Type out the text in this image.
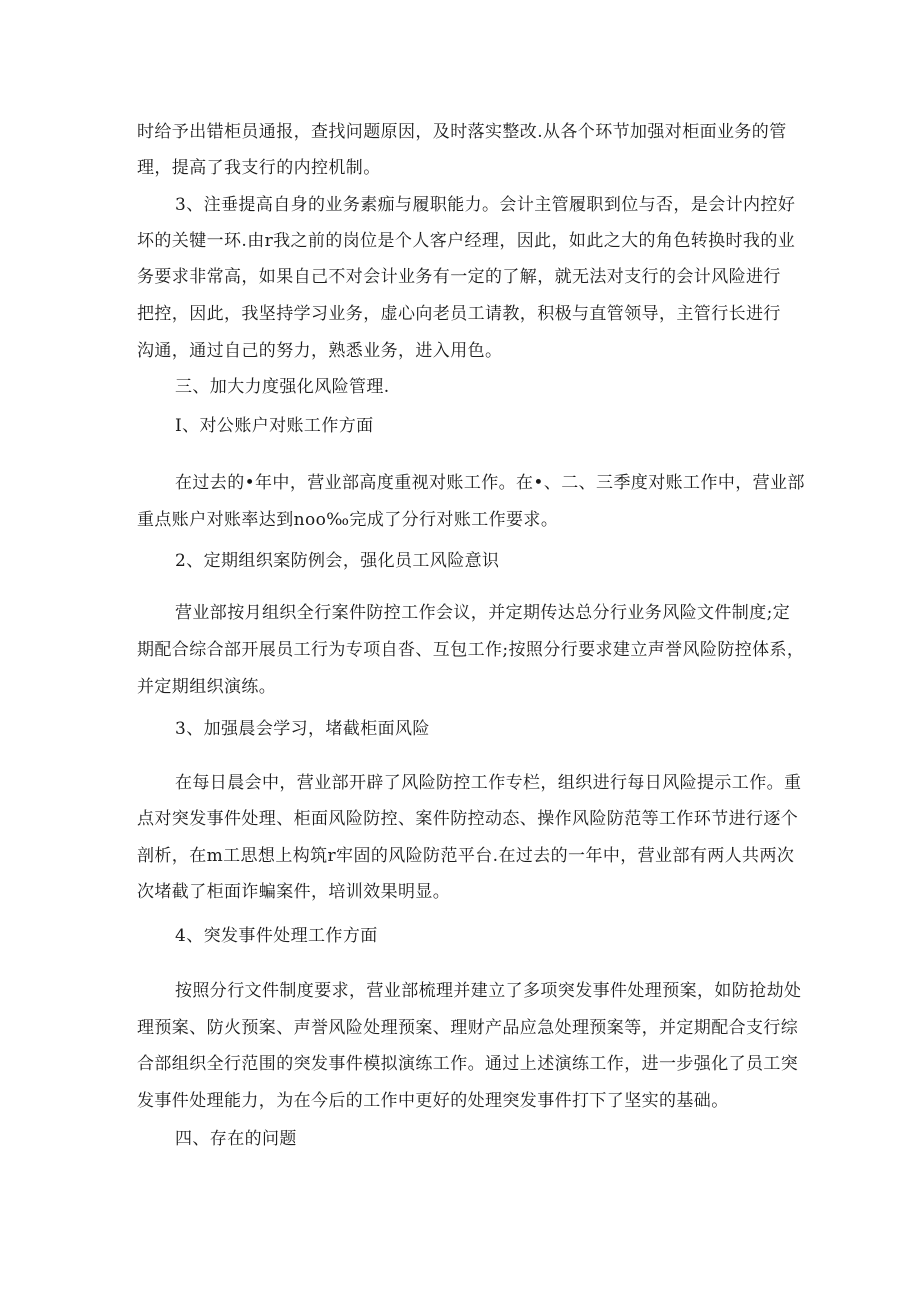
时给予出错柜员通报，查找问题原因，及时落实整改.从各个环节加强对柜面业务的管
理，提高了我支行的内控机制。
3、注垂提高自身的业务素痂与履职能力。会计主管履职到位与否，是会计内控好
坏的关犍一环.由r我之前的岗位是个人客户经理，因此，如此之大的角色转换时我的业
务要求非常高，如果自己不对会计业务有一定的了解，就无法对支行的会计风险进行
把控，因此，我坚持学习业务，虚心向老员工请教，积极与直管领导，主管行长进行
沟通，通过自己的努力，熟悉业务，进入用色。
三、加大力度强化风险管理.
I、对公账户对账工作方面
在过去的•年中，营业部高度重视对账工作。在•、二、三季度对账工作中，营业部
重点账户对账率达到noo‰完成了分行对账工作要求。
2、定期组织案防例会，强化员工风险意识
营业部按月组织全行案件防控工作会议，并定期传达总分行业务风险文件制度;定
期配合综合部开展员工行为专项自沓、互包工作;按照分行要求建立声誉风险防控体系，
并定期组织演练。
3、加强晨会学习，堵截柜面风险
在每日晨会中，营业部开辟了风险防控工作专栏，组织进行每日风险提示工作。重
点对突发事件处理、柜面风险防控、案件防控动态、操作风险防范等工作环节进行逐个
剖析，在m工思想上构筑r牢固的风险防范平台.在过去的一年中，营业部有两人共两次
次堵截了柜面诈蝙案件，培训效果明显。
4、突发事件处理工作方面
按照分行文件制度要求，营业部梳理并建立了多项突发事件处理预案，如防抢劫处
理预案、防火预案、声誉风险处理预案、理财产品应急处理预案等，并定期配合支行综
合部组织全行范围的突发事件模拟演练工作。通过上述演练工作，进一步强化了员工突
发事件处理能力，为在今后的工作中更好的处理突发事件打下了坚实的基础。
四、存在的问题
